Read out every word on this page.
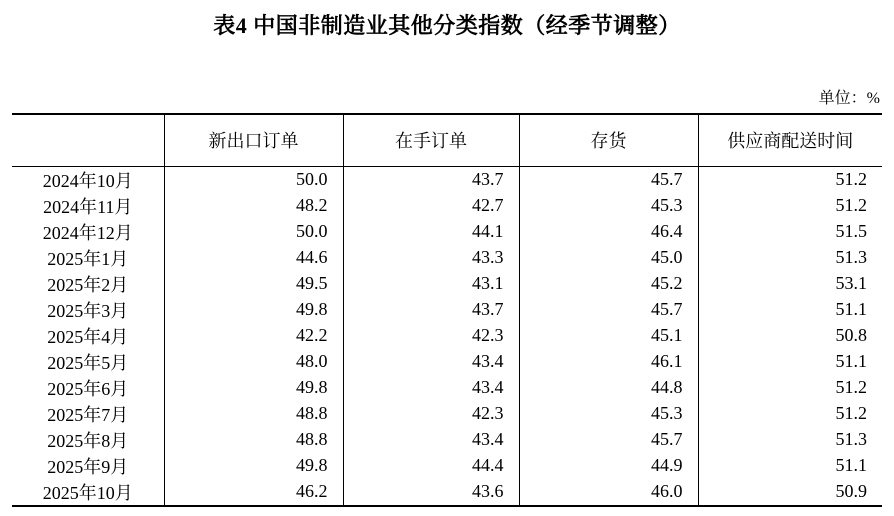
表4 中国非制造业其他分类指数（经季节调整）
单位：%
	新出口订单	在手订单	存货	供应商配送时间
2024年10月	50.0	43.7	45.7	51.2
2024年11月	48.2	42.7	45.3	51.2
2024年12月	50.0	44.1	46.4	51.5
2025年1月	44.6	43.3	45.0	51.3
2025年2月	49.5	43.1	45.2	53.1
2025年3月	49.8	43.7	45.7	51.1
2025年4月	42.2	42.3	45.1	50.8
2025年5月	48.0	43.4	46.1	51.1
2025年6月	49.8	43.4	44.8	51.2
2025年7月	48.8	42.3	45.3	51.2
2025年8月	48.8	43.4	45.7	51.3
2025年9月	49.8	44.4	44.9	51.1
2025年10月	46.2	43.6	46.0	50.9
